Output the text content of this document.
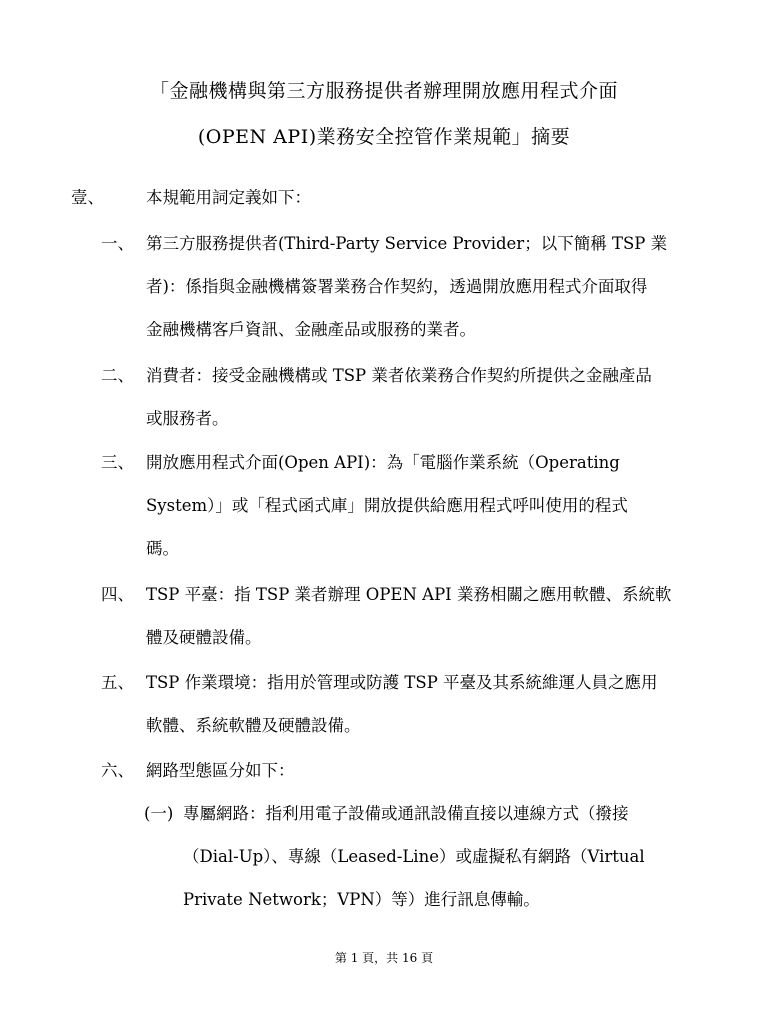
「金融機構與第三方服務提供者辦理開放應用程式介面
(OPEN API)業務安全控管作業規範」摘要
壹、	本規範用詞定義如下：
一、 第三方服務提供者(Third-Party Service Provider；以下簡稱 TSP 業
者)：係指與金融機構簽署業務合作契約，透過開放應用程式介面取得
金融機構客戶資訊、金融產品或服務的業者。
二、 消費者：接受金融機構或 TSP 業者依業務合作契約所提供之金融產品
或服務者。
三、 開放應用程式介面(Open API)：為「電腦作業系統（Operating
System）」或「程式函式庫」開放提供給應用程式呼叫使用的程式
碼。
四、 TSP 平臺：指 TSP 業者辦理 OPEN API 業務相關之應用軟體、系統軟
體及硬體設備。
五、 TSP 作業環境：指用於管理或防護 TSP 平臺及其系統維運人員之應用
軟體、系統軟體及硬體設備。
六、 網路型態區分如下：
(一) 專屬網路：指利用電子設備或通訊設備直接以連線方式（撥接
（Dial-Up）、專線（Leased-Line）或虛擬私有網路（Virtual
Private Network；VPN）等）進行訊息傳輸。
第 1 頁，共 16 頁
